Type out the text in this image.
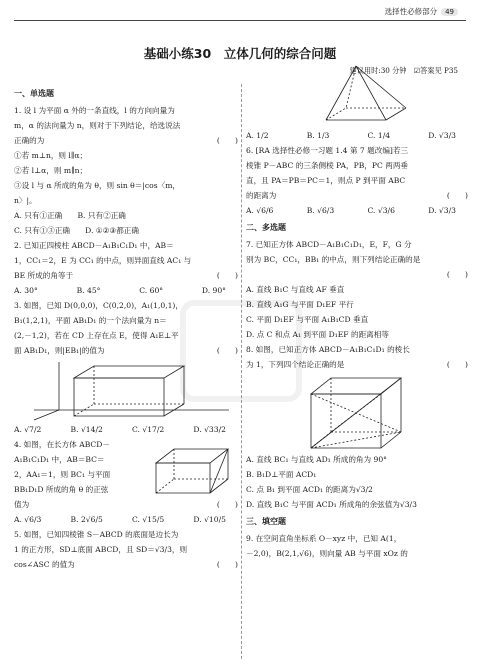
选择性必修部分 49
基础小练30　立体几何的综合问题
建议用时:30 分钟　☑答案见 P35

一、单选题

1. 设 l 为平面 α 外的一条直线，l 的方向向量为

m，α 的法向量为 n，则对于下列结论，给选说法

正确的为	(　　)

①若 m⊥n，则 l∥α；

②若 l⊥α，则 m∥n；

③设 l 与 α 所成的角为 θ，则 sin θ＝|cos〈m，

n〉|。

A. 只有①正确　　 B. 只有②正确

C. 只有①③正确　　 D. ①②③都正确

2. 已知正四棱柱 ABCD－A₁B₁C₁D₁ 中，AB＝

1，CC₁＝2，E 为 CC₁ 的中点，则异面直线 AC₁ 与

BE 所成的角等于	(　　)

A. 30°	B. 45°	C. 60°	D. 90°

3. 如图，已知 D(0,0,0)，C(0,2,0)，A₁(1,0,1)，

B₁(1,2,1)，平面 AB₁D₁ 的一个法向量为 n＝

(2,－1,2)，若在 CD 上存在点 E，使得 A₁E⊥平

面 AB₁D₁，则|EB₁|的值为	(　　)

A. √7/2	B. √14/2	C. √17/2	D. √33/2

4. 如图，在长方体 ABCD－

A₁B₁C₁D₁ 中，AB＝BC＝

2，AA₁＝1，则 BC₁ 与平面

BB₁D₁D 所成的角 θ 的正弦

值为	(　　)

A. √6/3	B. 2√6/5	C. √15/5	D. √10/5

5. 如图，已知四棱锥 S－ABCD 的底面是边长为

1 的正方形，SD⊥底面 ABCD，且 SD＝√3/3，则

cos∠ASC 的值为	(　　)

A. 1/2	B. 1/3	C. 1/4	D. √3/3

6. [RA 选择性必修一习题 1.4 第 7 题改编]若三

棱锥 P－ABC 的三条侧棱 PA，PB，PC 两两垂

直，且 PA＝PB＝PC＝1，则点 P 到平面 ABC

的距离为	(　　)

A. √6/6	B. √6/3	C. √3/6	D. √3/3

二、多选题

7. 已知正方体 ABCD－A₁B₁C₁D₁，E，F，G 分

别为 BC，CC₁，BB₁ 的中点，则下列结论正确的是

(　　)

A. 直线 B₁C 与直线 AF 垂直

B. 直线 A₁G 与平面 D₁EF 平行

C. 平面 D₁EF 与平面 A₁B₁CD 垂直

D. 点 C 和点 A₁ 到平面 D₁EF 的距离相等

8. 如图，已知正方体 ABCD－A₁B₁C₁D₁ 的棱长

为 1，下列四个结论正确的是	(　　)

A. 直线 BC₁ 与直线 AD₁ 所成的角为 90°

B. B₁D⊥平面 ACD₁

C. 点 B₁ 到平面 ACD₁ 的距离为√3/2

D. 直线 B₁C 与平面 ACD₁ 所成角的余弦值为√3/3

三、填空题

9. 在空间直角坐标系 O－xyz 中，已知 A(1，

－2,0)，B(2,1,√6)，则向量 AB 与平面 xOz 的
